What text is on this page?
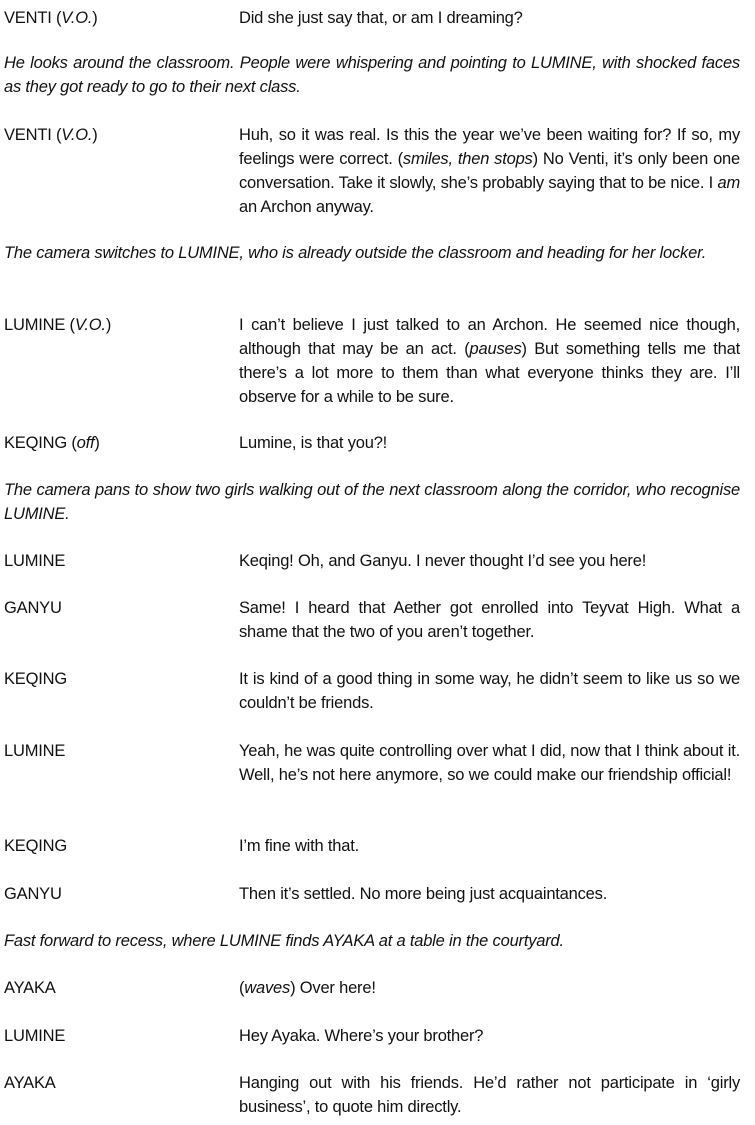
VENTI (V.O.)	Did she just say that, or am I dreaming?
He looks around the classroom. People were whispering and pointing to LUMINE, with shocked faces as they got ready to go to their next class.
VENTI (V.O.)	Huh, so it was real. Is this the year we’ve been waiting for? If so, my feelings were correct. (smiles, then stops) No Venti, it’s only been one conversation. Take it slowly, she’s probably saying that to be nice. I am an Archon anyway.
The camera switches to LUMINE, who is already outside the classroom and heading for her locker.
LUMINE (V.O.)	I can’t believe I just talked to an Archon. He seemed nice though, although that may be an act. (pauses) But something tells me that there’s a lot more to them than what everyone thinks they are. I’ll observe for a while to be sure.
KEQING (off)	Lumine, is that you?!
The camera pans to show two girls walking out of the next classroom along the corridor, who recognise LUMINE.
LUMINE	Keqing! Oh, and Ganyu. I never thought I’d see you here!
GANYU	Same! I heard that Aether got enrolled into Teyvat High. What a shame that the two of you aren’t together.
KEQING	It is kind of a good thing in some way, he didn’t seem to like us so we couldn’t be friends.
LUMINE	Yeah, he was quite controlling over what I did, now that I think about it. Well, he’s not here anymore, so we could make our friendship official!
KEQING	I’m fine with that.
GANYU	Then it’s settled. No more being just acquaintances.
Fast forward to recess, where LUMINE finds AYAKA at a table in the courtyard.
AYAKA	(waves) Over here!
LUMINE	Hey Ayaka. Where’s your brother?
AYAKA	Hanging out with his friends. He’d rather not participate in ‘girly business’, to quote him directly.
